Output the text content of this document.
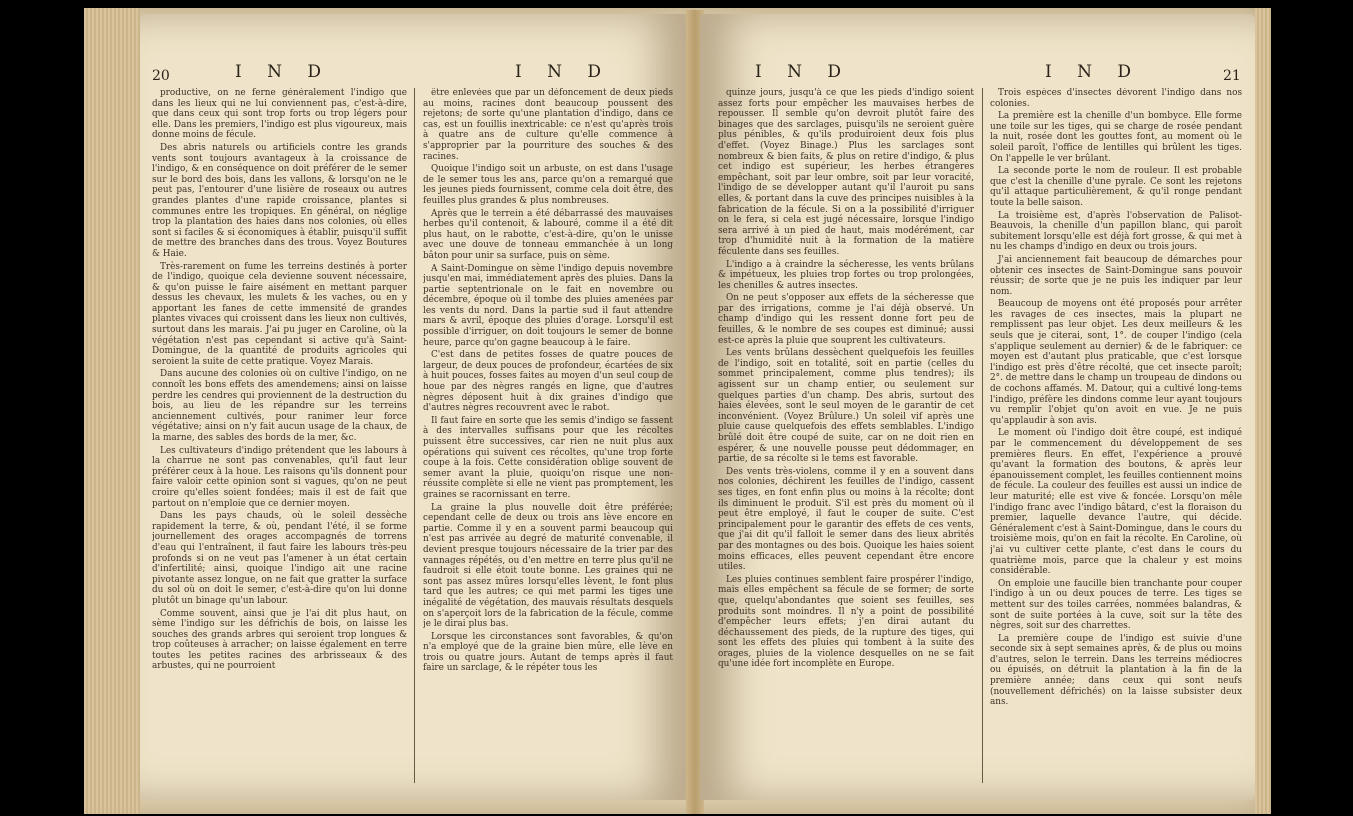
20	I N D	I N D

productive, on ne ferne généralement l'indigo que dans les lieux qui ne lui conviennent pas, c'est-à-dire, que dans ceux qui sont trop forts ou trop légers pour elle. Dans les premiers, l'indigo est plus vigoureux, mais donne moins de fécule.

Des abris naturels ou artificiels contre les grands vents sont toujours avantageux à la croissance de l'indigo, & en conséquence on doit préférer de le semer sur le bord des bois, dans les vallons, & lorsqu'on ne le peut pas, l'entourer d'une lisière de roseaux ou autres grandes plantes d'une rapide croissance, plantes si communes entre les tropiques. En général, on néglige trop la plantation des haies dans nos colonies, où elles sont si faciles & si économiques à établir, puisqu'il suffit de mettre des branches dans des trous. Voyez Boutures & Haie.

Très-rarement on fume les terreins destinés à porter de l'indigo, quoique cela devienne souvent nécessaire, & qu'on puisse le faire aisément en mettant parquer dessus les chevaux, les mulets & les vaches, ou en y apportant les fanes de cette immensité de grandes plantes vivaces qui croissent dans les lieux non cultivés, surtout dans les marais. J'ai pu juger en Caroline, où la végétation n'est pas cependant si active qu'à Saint-Domingue, de la quantité de produits agricoles qui seroient la suite de cette pratique. Voyez Marais.

Dans aucune des colonies où on cultive l'indigo, on ne connoît les bons effets des amendemens; ainsi on laisse perdre les cendres qui proviennent de la destruction du bois, au lieu de les répandre sur les terreins anciennement cultivés, pour ranimer leur force végétative; ainsi on n'y fait aucun usage de la chaux, de la marne, des sables des bords de la mer, &c.

Les cultivateurs d'indigo prétendent que les labours à la charrue ne sont pas convenables, qu'il faut leur préférer ceux à la houe. Les raisons qu'ils donnent pour faire valoir cette opinion sont si vagues, qu'on ne peut croire qu'elles soient fondées; mais il est de fait que partout on n'emploie que ce dernier moyen.

Dans les pays chauds, où le soleil dessèche rapidement la terre, & où, pendant l'été, il se forme journellement des orages accompagnés de torrens d'eau qui l'entraînent, il faut faire les labours très-peu profonds si on ne veut pas l'amener à un état certain d'infertilité; ainsi, quoique l'indigo ait une racine pivotante assez longue, on ne fait que gratter la surface du sol où on doit le semer, c'est-à-dire qu'on lui donne plutôt un binage qu'un labour.

Comme souvent, ainsi que je l'ai dit plus haut, on sème l'indigo sur les défrichis de bois, on laisse les souches des grands arbres qui seroient trop longues & trop coûteuses à arracher; on laisse également en terre toutes les petites racines des arbrisseaux & des arbustes, qui ne pourroient

être enlevées que par un défoncement de deux pieds au moins, racines dont beaucoup poussent des rejetons; de sorte qu'une plantation d'indigo, dans ce cas, est un fouillis inextricable: ce n'est qu'après trois à quatre ans de culture qu'elle commence à s'approprier par la pourriture des souches & des racines.

Quoique l'indigo soit un arbuste, on est dans l'usage de le semer tous les ans, parce qu'on a remarqué que les jeunes pieds fournissent, comme cela doit être, des feuilles plus grandes & plus nombreuses.

Après que le terrein a été débarrassé des mauvaises herbes qu'il contenoit, & labouré, comme il a été dit plus haut, on le rabotte, c'est-à-dire, qu'on le unisse avec une douve de tonneau emmanchée à un long bâton pour unir sa surface, puis on sème.

A Saint-Domingue on sème l'indigo depuis novembre jusqu'en mai, immédiatement après des pluies. Dans la partie septentrionale on le fait en novembre ou décembre, époque où il tombe des pluies amenées par les vents du nord. Dans la partie sud il faut attendre mars & avril, époque des pluies d'orage. Lorsqu'il est possible d'irriguer, on doit toujours le semer de bonne heure, parce qu'on gagne beaucoup à le faire.

C'est dans de petites fosses de quatre pouces de largeur, de deux pouces de profondeur, écartées de six à huit pouces, fosses faites au moyen d'un seul coup de houe par des nègres rangés en ligne, que d'autres nègres déposent huit à dix graines d'indigo que d'autres nègres recouvrent avec le rabot.

Il faut faire en sorte que les semis d'indigo se fassent à des intervalles suffisans pour que les récoltes puissent être successives, car rien ne nuit plus aux opérations qui suivent ces récoltes, qu'une trop forte coupe à la fois. Cette considération oblige souvent de semer avant la pluie, quoiqu'on risque une non-réussite complète si elle ne vient pas promptement, les graines se racornissant en terre.

La graine la plus nouvelle doit être préférée; cependant celle de deux ou trois ans lève encore en partie. Comme il y en a souvent parmi beaucoup qui n'est pas arrivée au degré de maturité convenable, il devient presque toujours nécessaire de la trier par des vannages répétés, ou d'en mettre en terre plus qu'il ne faudroit si elle étoit toute bonne. Les graines qui ne sont pas assez mûres lorsqu'elles lèvent, le font plus tard que les autres; ce qui met parmi les tiges une inégalité de végétation, des mauvais résultats desquels on s'aperçoit lors de la fabrication de la fécule, comme je le dirai plus bas.

Lorsque les circonstances sont favorables, & qu'on n'a employé que de la graine bien mûre, elle lève en trois ou quatre jours. Autant de temps après il faut faire un sarclage, & le répéter tous les

I N D	I N D	21

quinze jours, jusqu'à ce que les pieds d'indigo soient assez forts pour empêcher les mauvaises herbes de repousser. Il semble qu'on devroit plutôt faire des binages que des sarclages, puisqu'ils ne seroient guère plus pénibles, & qu'ils produiroient deux fois plus d'effet. (Voyez Binage.) Plus les sarclages sont nombreux & bien faits, & plus on retire d'indigo, & plus cet indigo est supérieur, les herbes étrangères empêchant, soit par leur ombre, soit par leur voracité, l'indigo de se développer autant qu'il l'auroit pu sans elles, & portant dans la cuve des principes nuisibles à la fabrication de la fécule. Si on a la possibilité d'irriguer on le fera, si cela est jugé nécessaire, lorsque l'indigo sera arrivé à un pied de haut, mais modérément, car trop d'humidité nuit à la formation de la matière féculente dans ses feuilles.

L'indigo a à craindre la sécheresse, les vents brûlans & impétueux, les pluies trop fortes ou trop prolongées, les chenilles & autres insectes.

On ne peut s'opposer aux effets de la sécheresse que par des irrigations, comme je l'ai déjà observé. Un champ d'indigo qui les ressent donne fort peu de feuilles, & le nombre de ses coupes est diminué; aussi est-ce après la pluie que souprent les cultivateurs.

Les vents brûlans dessèchent quelquefois les feuilles de l'indigo, soit en totalité, soit en partie (celles du sommet principalement, comme plus tendres); ils agissent sur un champ entier, ou seulement sur quelques parties d'un champ. Des abris, surtout des haies élevées, sont le seul moyen de le garantir de cet inconvénient. (Voyez Brûlure.) Un soleil vif après une pluie cause quelquefois des effets semblables. L'indigo brûlé doit être coupé de suite, car on ne doit rien en espérer, & une nouvelle pousse peut dédommager, en partie, de sa récolte si le tems est favorable.

Des vents très-violens, comme il y en a souvent dans nos colonies, déchirent les feuilles de l'indigo, cassent ses tiges, en font enfin plus ou moins à la récolte; dont ils diminuent le produit. S'il est près du moment où il peut être employé, il faut le couper de suite. C'est principalement pour le garantir des effets de ces vents, que j'ai dit qu'il falloit le semer dans des lieux abrités par des montagnes ou des bois. Quoique les haies soient moins efficaces, elles peuvent cependant être encore utiles.

Les pluies continues semblent faire prospérer l'indigo, mais elles empêchent sa fécule de se former; de sorte que, quelqu'abondantes que soient ses feuilles, ses produits sont moindres. Il n'y a point de possibilité d'empêcher leurs effets; j'en dirai autant du déchaussement des pieds, de la rupture des tiges, qui sont les effets des pluies qui tombent à la suite des orages, pluies de la violence desquelles on ne se fait qu'une idée fort incomplète en Europe.

Trois espèces d'insectes dévorent l'indigo dans nos colonies.

La première est la chenille d'un bombyce. Elle forme une toile sur les tiges, qui se charge de rosée pendant la nuit, rosée dont les gouttes font, au moment où le soleil paroît, l'office de lentilles qui brûlent les tiges. On l'appelle le ver brûlant.

La seconde porte le nom de rouleur. Il est probable que c'est la chenille d'une pyrale. Ce sont les rejetons qu'il attaque particulièrement, & qu'il ronge pendant toute la belle saison.

La troisième est, d'après l'observation de Palisot-Beauvois, la chenille d'un papillon blanc, qui paroît subitement lorsqu'elle est déjà fort grosse, & qui met à nu les champs d'indigo en deux ou trois jours.

J'ai anciennement fait beaucoup de démarches pour obtenir ces insectes de Saint-Domingue sans pouvoir réussir; de sorte que je ne puis les indiquer par leur nom.

Beaucoup de moyens ont été proposés pour arrêter les ravages de ces insectes, mais la plupart ne remplissent pas leur objet. Les deux meilleurs & les seuls que je citerai, sont, 1°. de couper l'indigo (cela s'applique seulement au dernier) & de le fabriquer: ce moyen est d'autant plus praticable, que c'est lorsque l'indigo est près d'être récolté, que cet insecte paroît; 2°. de mettre dans le champ un troupeau de dindons ou de cochons affamés. M. Datour, qui a cultivé long-tems l'indigo, préfère les dindons comme leur ayant toujours vu remplir l'objet qu'on avoit en vue. Je ne puis qu'applaudir à son avis.

Le moment où l'indigo doit être coupé, est indiqué par le commencement du développement de ses premières fleurs. En effet, l'expérience a prouvé qu'avant la formation des boutons, & après leur épanouissement complet, les feuilles contiennent moins de fécule. La couleur des feuilles est aussi un indice de leur maturité; elle est vive & foncée. Lorsqu'on mêle l'indigo franc avec l'indigo bâtard, c'est la floraison du premier, laquelle devance l'autre, qui décide. Généralement c'est à Saint-Domingue, dans le cours du troisième mois, qu'on en fait la récolte. En Caroline, où j'ai vu cultiver cette plante, c'est dans le cours du quatrième mois, parce que la chaleur y est moins considérable.

On emploie une faucille bien tranchante pour couper l'indigo à un ou deux pouces de terre. Les tiges se mettent sur des toiles carrées, nommées balandras, & sont de suite portées à la cuve, soit sur la tête des nègres, soit sur des charrettes.

La première coupe de l'indigo est suivie d'une seconde six à sept semaines après, & de plus ou moins d'autres, selon le terrein. Dans les terreins médiocres ou épuisés, on détruit la plantation à la fin de la première année; dans ceux qui sont neufs (nouvellement défrichés) on la laisse subsister deux ans.
